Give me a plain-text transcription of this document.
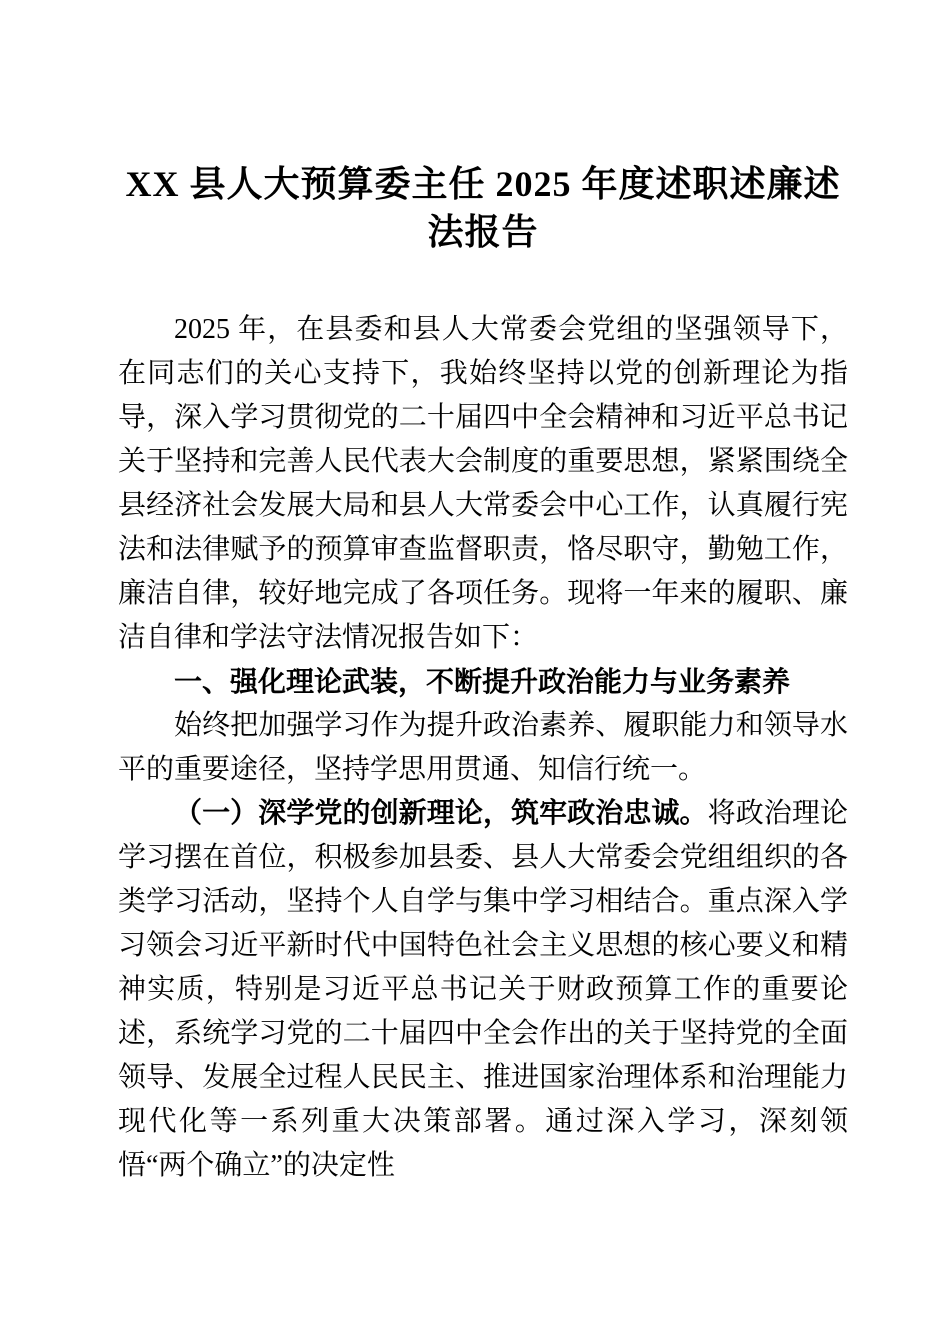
XX 县人大预算委主任 2025 年度述职述廉述法报告

2025 年，在县委和县人大常委会党组的坚强领导下，在同志们的关心支持下，我始终坚持以党的创新理论为指导，深入学习贯彻党的二十届四中全会精神和习近平总书记关于坚持和完善人民代表大会制度的重要思想，紧紧围绕全县经济社会发展大局和县人大常委会中心工作，认真履行宪法和法律赋予的预算审查监督职责，恪尽职守，勤勉工作，廉洁自律，较好地完成了各项任务。现将一年来的履职、廉洁自律和学法守法情况报告如下：

一、强化理论武装，不断提升政治能力与业务素养

始终把加强学习作为提升政治素养、履职能力和领导水平的重要途径，坚持学思用贯通、知信行统一。

（一）深学党的创新理论，筑牢政治忠诚。将政治理论学习摆在首位，积极参加县委、县人大常委会党组组织的各类学习活动，坚持个人自学与集中学习相结合。重点深入学习领会习近平新时代中国特色社会主义思想的核心要义和精神实质，特别是习近平总书记关于财政预算工作的重要论述，系统学习党的二十届四中全会作出的关于坚持党的全面领导、发展全过程人民民主、推进国家治理体系和治理能力现代化等一系列重大决策部署。通过深入学习，深刻领悟“两个确立”的决定性
